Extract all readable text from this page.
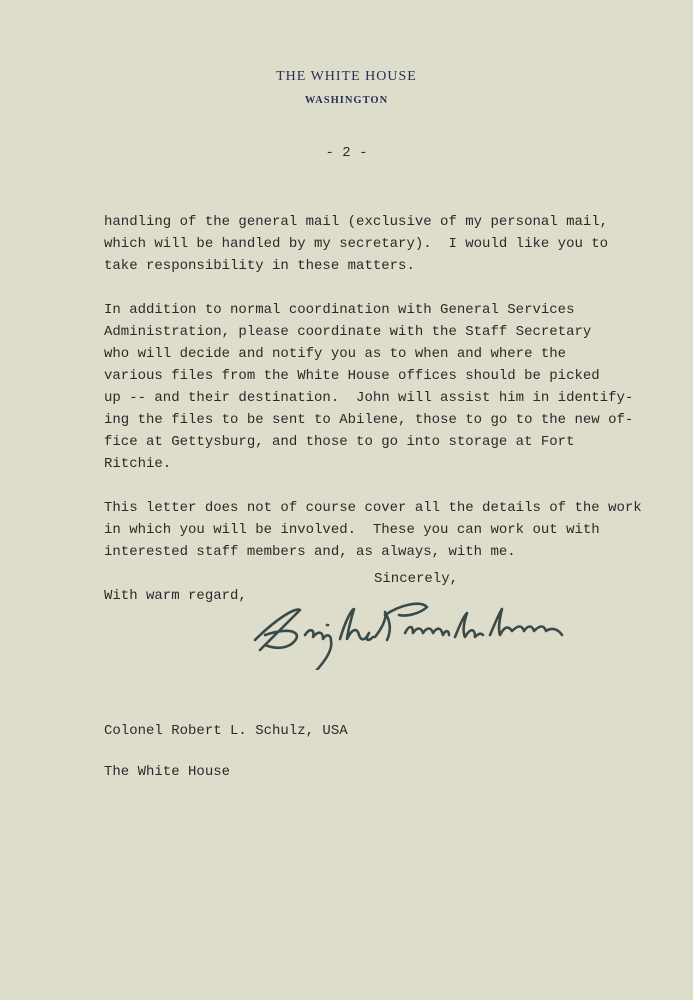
THE WHITE HOUSE
WASHINGTON
- 2 -
handling of the general mail (exclusive of my personal mail,
which will be handled by my secretary).  I would like you to
take responsibility in these matters.
In addition to normal coordination with General Services
Administration, please coordinate with the Staff Secretary
who will decide and notify you as to when and where the
various files from the White House offices should be picked
up -- and their destination.  John will assist him in identify-
ing the files to be sent to Abilene, those to go to the new of-
fice at Gettysburg, and those to go into storage at Fort
Ritchie.
This letter does not of course cover all the details of the work
in which you will be involved.  These you can work out with
interested staff members and, as always, with me.
With warm regard,
Sincerely,
Colonel Robert L. Schulz, USA
The White House
